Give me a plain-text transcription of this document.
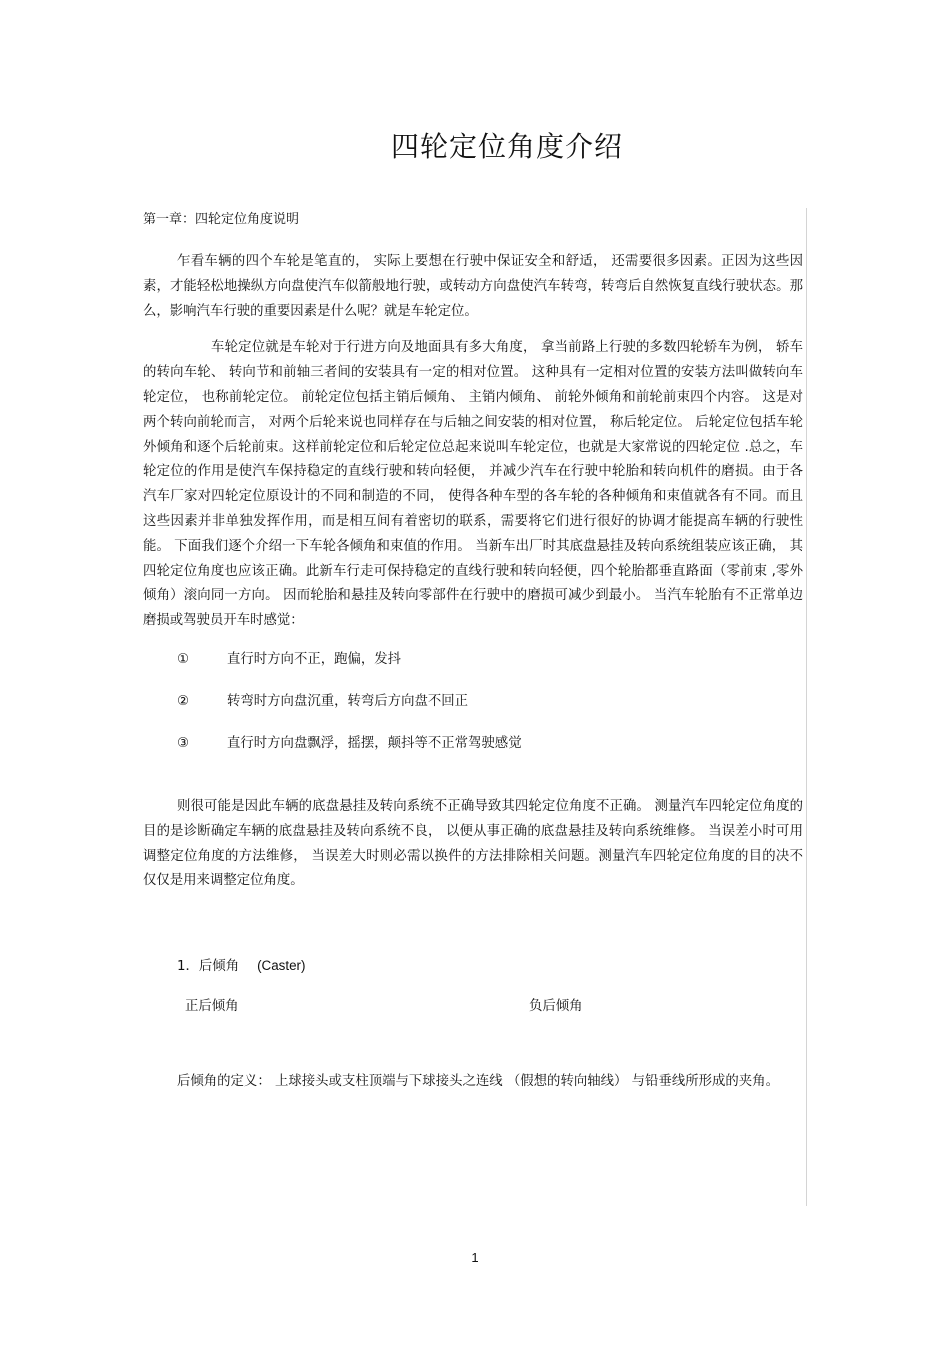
四轮定位角度介绍

第一章：四轮定位角度说明

乍看车辆的四个车轮是笔直的， 实际上要想在行驶中保证安全和舒适， 还需要很多因素。正因为这些因素，才能轻松地操纵方向盘使汽车似箭般地行驶，或转动方向盘使汽车转弯，转弯后自然恢复直线行驶状态。那么，影响汽车行驶的重要因素是什么呢？就是车轮定位。

车轮定位就是车轮对于行进方向及地面具有多大角度， 拿当前路上行驶的多数四轮轿车为例， 轿车的转向车轮、 转向节和前轴三者间的安装具有一定的相对位置。 这种具有一定相对位置的安装方法叫做转向车轮定位， 也称前轮定位。 前轮定位包括主销后倾角、 主销内倾角、 前轮外倾角和前轮前束四个内容。 这是对两个转向前轮而言， 对两个后轮来说也同样存在与后轴之间安装的相对位置， 称后轮定位。 后轮定位包括车轮外倾角和逐个后轮前束。这样前轮定位和后轮定位总起来说叫车轮定位，也就是大家常说的四轮定位 .总之，车轮定位的作用是使汽车保持稳定的直线行驶和转向轻便， 并减少汽车在行驶中轮胎和转向机件的磨损。由于各汽车厂家对四轮定位原设计的不同和制造的不同， 使得各种车型的各车轮的各种倾角和束值就各有不同。而且这些因素并非单独发挥作用，而是相互间有着密切的联系，需要将它们进行很好的协调才能提高车辆的行驶性能。 下面我们逐个介绍一下车轮各倾角和束值的作用。 当新车出厂时其底盘悬挂及转向系统组装应该正确， 其四轮定位角度也应该正确。此新车行走可保持稳定的直线行驶和转向轻便，四个轮胎都垂直路面（零前束 ,零外倾角）滚向同一方向。 因而轮胎和悬挂及转向零部件在行驶中的磨损可减少到最小。 当汽车轮胎有不正常单边磨损或驾驶员开车时感觉：

①	直行时方向不正，跑偏，发抖
②	转弯时方向盘沉重，转弯后方向盘不回正
③	直行时方向盘飘浮，摇摆，颠抖等不正常驾驶感觉

则很可能是因此车辆的底盘悬挂及转向系统不正确导致其四轮定位角度不正确。 测量汽车四轮定位角度的目的是诊断确定车辆的底盘悬挂及转向系统不良， 以便从事正确的底盘悬挂及转向系统维修。 当误差小时可用调整定位角度的方法维修， 当误差大时则必需以换件的方法排除相关问题。测量汽车四轮定位角度的目的决不仅仅是用来调整定位角度。

1．后倾角 (Caster)
正后倾角	负后倾角

后倾角的定义： 上球接头或支柱顶端与下球接头之连线 （假想的转向轴线） 与铅垂线所形成的夹角。

1
